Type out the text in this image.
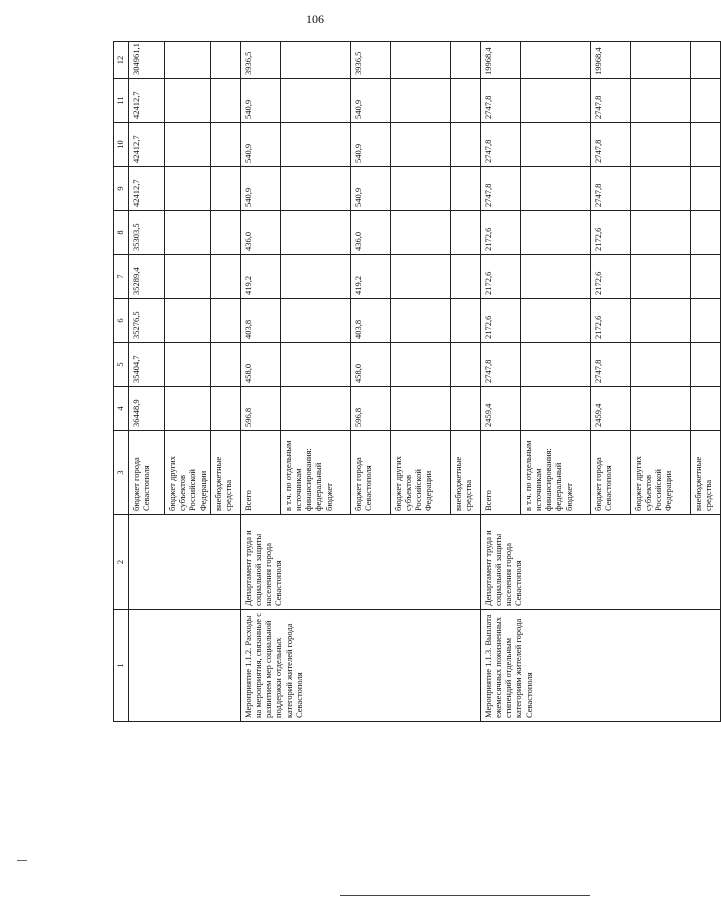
106
1	2	3	4	5	6	7	8	9	10	11	12
		бюджет города Севастополя	36448,9	35404,7	35276,5	35289,4	35303,5	42412,7	42412,7	42412,7	304961,1
		бюджет других субъектов Российской Федерации									
		внебюджетные средства									
Мероприятие 1.1.2. Расходы на мероприятия, связанные с развитием мер социальной поддержки отдельных категорий жителей города Севастополя	Департамент труда и социальной защиты населения города Севастополя	Всего	596,8	458,0	403,8	419,2	436,0	540,9	540,9	540,9	3936,5
		в т.ч. по отдельным источникам финансирования: федеральный бюджет									
		бюджет города Севастополя	596,8	458,0	403,8	419,2	436,0	540,9	540,9	540,9	3936,5
		бюджет других субъектов Российской Федерации									
		внебюджетные средства									
Мероприятие 1.1.3. Выплата ежемесячных пожизненных стипендий отдельным категориям жителей города Севастополя	Департамент труда и социальной защиты населения города Севастополя	Всего	2459,4	2747,8	2172,6	2172,6	2172,6	2747,8	2747,8	2747,8	19968,4
		в т.ч. по отдельным источникам финансирования: федеральный бюджет									
		бюджет города Севастополя	2459,4	2747,8	2172,6	2172,6	2172,6	2747,8	2747,8	2747,8	19968,4
		бюджет других субъектов Российской Федерации									
		внебюджетные средства									
